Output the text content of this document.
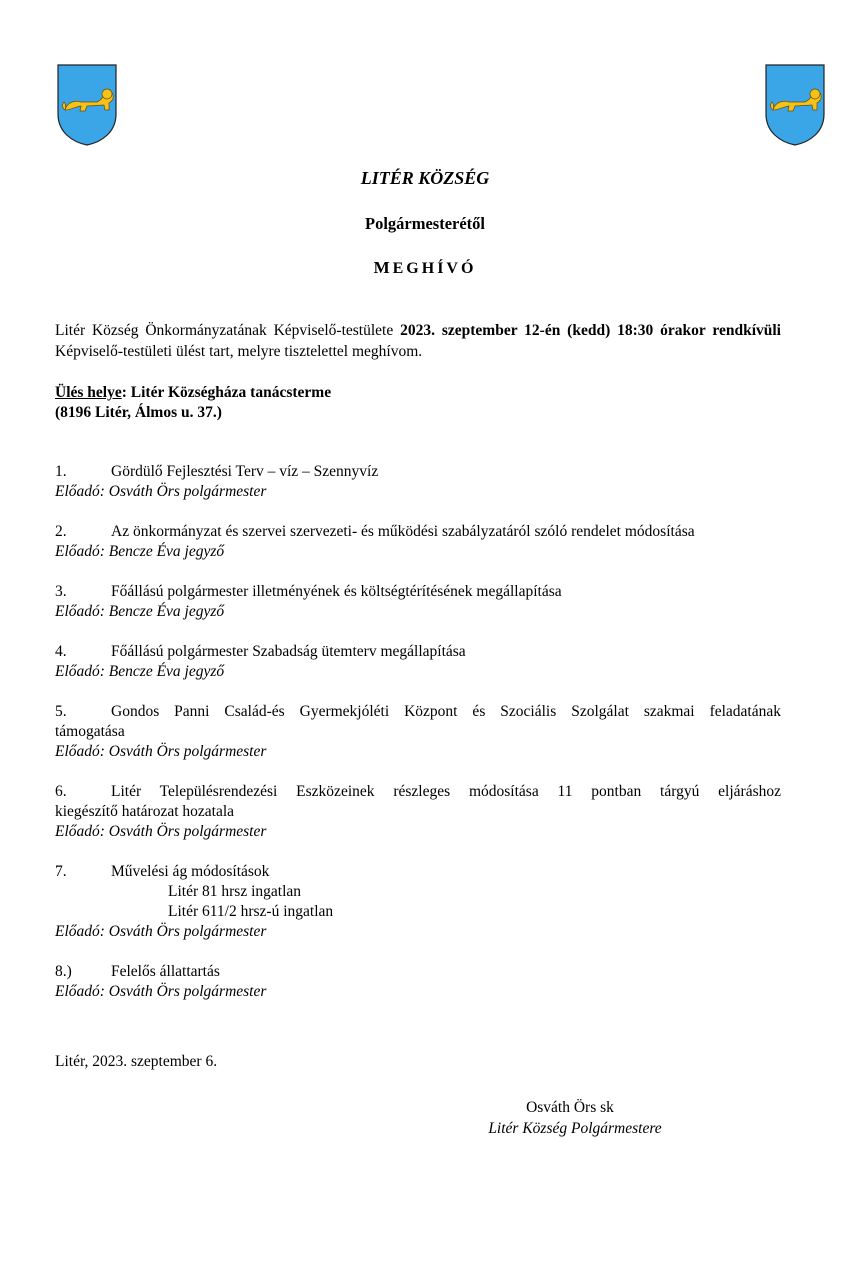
LITÉR KÖZSÉG
Polgármesterétől
MEGHÍVÓ
Litér Község Önkormányzatának Képviselő-testülete 2023. szeptember 12-én (kedd) 18:30 órakor rendkívüli Képviselő-testületi ülést tart, melyre tisztelettel meghívom.
Ülés helye: Litér Községháza tanácsterme
(8196 Litér, Álmos u. 37.)
1.	Gördülő Fejlesztési Terv – víz – Szennyvíz
Előadó: Osváth Örs polgármester
2.	Az önkormányzat és szervei szervezeti- és működési szabályzatáról szóló rendelet módosítása
Előadó: Bencze Éva jegyző
3.	Főállású polgármester illetményének és költségtérítésének megállapítása
Előadó: Bencze Éva jegyző
4.	Főállású polgármester Szabadság ütemterv megállapítása
Előadó: Bencze Éva jegyző
5.	Gondos Panni Család-és Gyermekjóléti Központ és Szociális Szolgálat szakmai feladatának
támogatása
Előadó: Osváth Örs polgármester
6.	Litér Településrendezési Eszközeinek részleges módosítása 11 pontban tárgyú eljáráshoz
kiegészítő határozat hozatala
Előadó: Osváth Örs polgármester
7.	Művelési ág módosítások
Litér 81 hrsz ingatlan
Litér 611/2 hrsz-ú ingatlan
Előadó: Osváth Örs polgármester
8.)	Felelős állattartás
Előadó: Osváth Örs polgármester
Litér, 2023. szeptember 6.
Osváth Örs sk
Litér Község Polgármestere
